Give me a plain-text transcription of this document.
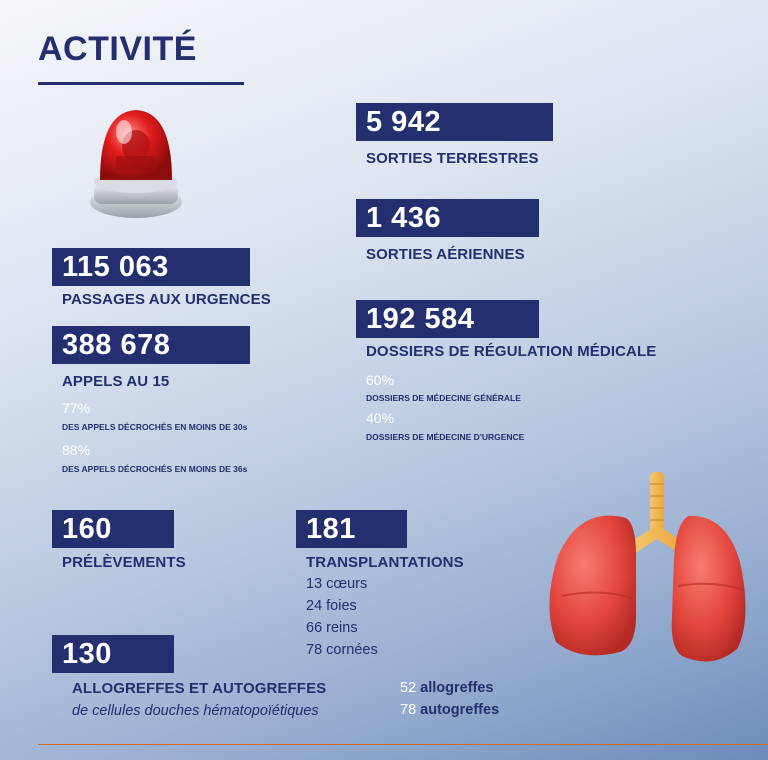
ACTIVITÉ
115 063
PASSAGES AUX URGENCES
388 678
APPELS AU 15
77%
DES APPELS DÉCROCHÉS EN MOINS DE 30s
88%
DES APPELS DÉCROCHÉS EN MOINS DE 36s
5 942
SORTIES TERRESTRES
1 436
SORTIES AÉRIENNES
192 584
DOSSIERS DE RÉGULATION MÉDICALE
60%
DOSSIERS DE MÉDECINE GÉNÉRALE
40%
DOSSIERS DE MÉDECINE D'URGENCE
160
PRÉLÈVEMENTS
181
TRANSPLANTATIONS
13 cœurs
24 foies
66 reins
78 cornées
130
ALLOGREFFES ET AUTOGREFFES
de cellules douches hématopoïétiques
52 allogreffes
78 autogreffes
